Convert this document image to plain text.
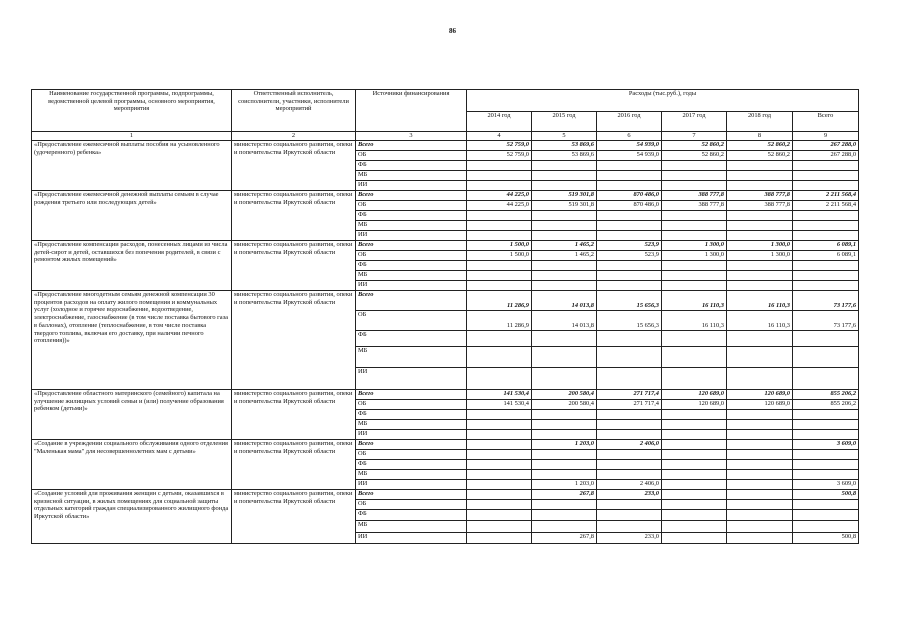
86
Наименование государственной программы, подпрограммы, ведомственной целевой программы, основного мероприятия, мероприятия	Ответственный исполнитель, соисполнители, участники, исполнители мероприятий	Источники финансирования	Расходы (тыс.руб.), годы					
			2014 год	2015 год	2016 год	2017 год	2018 год	Всего
1	2	3	4	5	6	7	8	9
«Предоставление ежемесячной выплаты пособия на усыновленного (удочеренного) ребенка»	министерство социального развития, опеки и попечительства Иркутской области	Всего	52 759,0	53 869,6	54 939,0	52 860,2	52 860,2	267 288,0
		ОБ	52 759,0	53 869,6	54 939,0	52 860,2	52 860,2	267 288,0
		ФБ						
		МБ						
		ИИ						
«Предоставление ежемесячной денежной выплаты семьям в случае рождения третьего или последующих детей»	министерство социального развития, опеки и попечительства Иркутской области	Всего	44 225,0	519 301,8	870 486,0	388 777,8	388 777,8	2 211 568,4
		ОБ	44 225,0	519 301,8	870 486,0	388 777,8	388 777,8	2 211 568,4
		ФБ						
		МБ						
		ИИ						
«Предоставление компенсации расходов, понесенных лицами из числа детей-сирот и детей, оставшихся без попечения родителей, в связи с ремонтом жилых помещений»	министерство социального развития, опеки и попечительства Иркутской области	Всего	1 500,0	1 465,2	523,9	1 300,0	1 300,0	6 089,1
		ОБ	1 500,0	1 465,2	523,9	1 300,0	1 300,0	6 089,1
		ФБ						
		МБ						
		ИИ						
«Предоставление многодетным семьям денежной компенсации 30 процентов расходов на оплату жилого помещения и коммунальных услуг (холодное и горячее водоснабжение, водоотведение, электроснабжение, газоснабжение (в том числе поставка бытового газа в баллонах), отопление (теплоснабжение, в том числе поставка твердого топлива, включая его доставку, при наличии печного отопления))»	министерство социального развития, опеки и попечительства Иркутской области	Всего	11 286,9	14 013,8	15 656,3	16 110,3	16 110,3	73 177,6
		ОБ	11 286,9	14 013,8	15 656,3	16 110,3	16 110,3	73 177,6
		ФБ						
		МБ						
		ИИ						
«Предоставление областного материнского (семейного) капитала на улучшение жилищных условий семьи и (или) получение образования ребенком (детьми)»	министерство социального развития, опеки и попечительства Иркутской области	Всего	141 530,4	200 580,4	271 717,4	120 689,0	120 689,0	855 206,2
		ОБ	141 530,4	200 580,4	271 717,4	120 689,0	120 689,0	855 206,2
		ФБ						
		МБ						
		ИИ						
«Создание в учреждении социального обслуживания одного отделения "Маленькая мама" для несовершеннолетних мам с детьми»	министерство социального развития, опеки и попечительства Иркутской области	Всего		1 203,0	2 406,0			3 609,0
		ОБ						
		ФБ						
		МБ						
		ИИ		1 203,0	2 406,0			3 609,0
«Создание условий для проживания женщин с детьми, оказавшихся в кризисной ситуации, в жилых помещениях для социальной защиты отдельных категорий граждан специализированного жилищного фонда Иркутской области»	министерство социального развития, опеки и попечительства Иркутской области	Всего		267,8	233,0			500,8
		ОБ						
		ФБ						
		МБ						
		ИИ		267,8	233,0			500,8
